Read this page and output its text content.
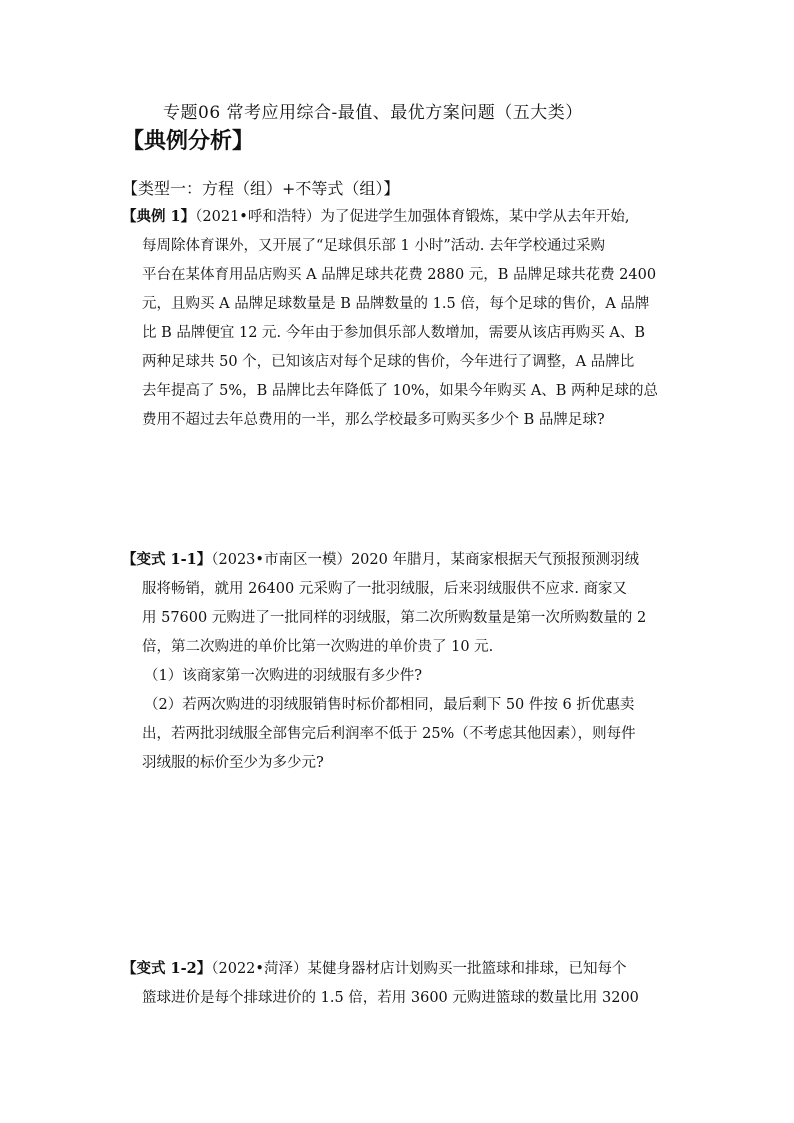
专题06 常考应用综合-最值、最优方案问题（五大类）
【典例分析】
【类型一：方程（组）+不等式（组）】
【典例 1】（2021•呼和浩特）为了促进学生加强体育锻炼，某中学从去年开始,
每周除体育课外，又开展了“足球俱乐部 1 小时”活动. 去年学校通过采购
平台在某体育用品店购买 A 品牌足球共花费 2880 元，B 品牌足球共花费 2400
元，且购买 A 品牌足球数量是 B 品牌数量的 1.5 倍，每个足球的售价，A 品牌
比 B 品牌便宜 12 元. 今年由于参加俱乐部人数增加，需要从该店再购买 A、B
两种足球共 50 个，已知该店对每个足球的售价，今年进行了调整，A 品牌比
去年提高了 5%，B 品牌比去年降低了 10%，如果今年购买 A、B 两种足球的总
费用不超过去年总费用的一半，那么学校最多可购买多少个 B 品牌足球?
【变式 1-1】（2023•市南区一模）2020 年腊月，某商家根据天气预报预测羽绒
服将畅销，就用 26400 元采购了一批羽绒服，后来羽绒服供不应求. 商家又
用 57600 元购进了一批同样的羽绒服，第二次所购数量是第一次所购数量的 2
倍，第二次购进的单价比第一次购进的单价贵了 10 元.
（1）该商家第一次购进的羽绒服有多少件?
（2）若两次购进的羽绒服销售时标价都相同，最后剩下 50 件按 6 折优惠卖
出，若两批羽绒服全部售完后利润率不低于 25%（不考虑其他因素），则每件
羽绒服的标价至少为多少元?
【变式 1-2】（2022•菏泽）某健身器材店计划购买一批篮球和排球，已知每个
篮球进价是每个排球进价的 1.5 倍，若用 3600 元购进篮球的数量比用 3200
